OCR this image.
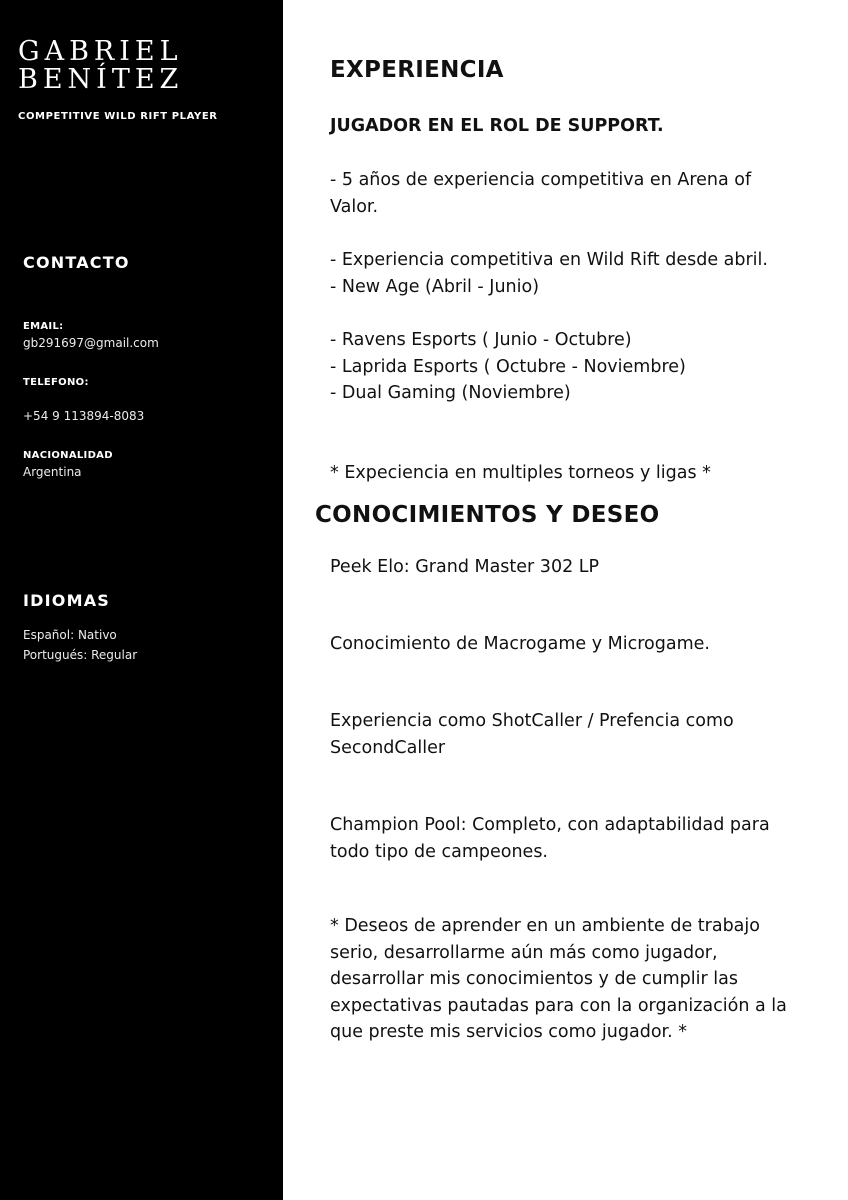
GABRIEL
BENÍTEZ
COMPETITIVE WILD RIFT PLAYER
CONTACTO
EMAIL:
gb291697@gmail.com
TELEFONO:
+54 9 113894-8083
NACIONALIDAD
Argentina
IDIOMAS
Español: Nativo
Portugués: Regular
EXPERIENCIA
JUGADOR EN EL ROL DE SUPPORT.

- 5 años de experiencia competitiva en Arena of
Valor.

- Experiencia competitiva en Wild Rift desde abril.
- New Age (Abril - Junio)

- Ravens Esports ( Junio - Octubre)
- Laprida Esports ( Octubre - Noviembre)
- Dual Gaming (Noviembre)

* Expeciencia en multiples torneos y ligas *

CONOCIMIENTOS Y DESEO

Peek Elo: Grand Master 302 LP

Conocimiento de Macrogame y Microgame.

Experiencia como ShotCaller / Prefencia como
SecondCaller

Champion Pool: Completo, con adaptabilidad para
todo tipo de campeones.

* Deseos de aprender en un ambiente de trabajo
serio, desarrollarme aún más como jugador,
desarrollar mis conocimientos y de cumplir las
expectativas pautadas para con la organización a la
que preste mis servicios como jugador. *
